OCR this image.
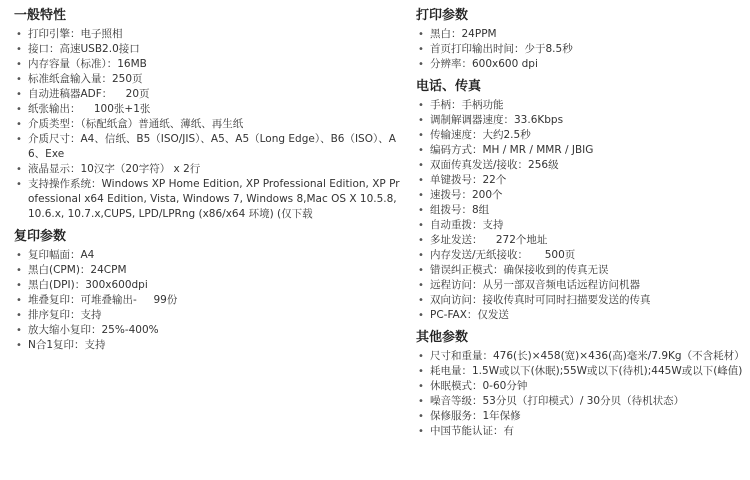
一般特性
• 打印引擎：电子照相
• 接口：高速USB2.0接口
• 内存容量（标准）：16MB
• 标准纸盒输入量：250页
• 自动进稿器ADF：    20页
• 纸张输出：    100张+1张
• 介质类型：（标配纸盒）普通纸、薄纸、再生纸
• 介质尺寸：A4、信纸、B5（ISO/JIS）、A5、A5（Long Edge）、B6（ISO）、A6、Exe
• 液晶显示：10汉字（20字符） x 2行
• 支持操作系统：Windows XP Home Edition, XP Professional Edition, XP Professional x64 Edition, Vista, Windows 7, Windows 8,Mac OS X 10.5.8, 10.6.x, 10.7.x,CUPS, LPD/LPRng (x86/x64 环境) (仅下载
复印参数
• 复印幅面：A4
• 黑白(CPM)：24CPM
• 黑白(DPI)：300x600dpi
• 堆叠复印：可堆叠输出-     99份
• 排序复印：支持
• 放大缩小复印：25%-400%
• N合1复印：支持
打印参数
• 黑白：24PPM
• 首页打印输出时间：少于8.5秒
• 分辨率：600x600 dpi
电话、传真
• 手柄：手柄功能
• 调制解调器速度：33.6Kbps
• 传输速度：大约2.5秒
• 编码方式：MH / MR / MMR / JBIG
• 双面传真发送/接收：256级
• 单键拨号：22个
• 速拨号：200个
• 组拨号：8组
• 自动重拨：支持
• 多址发送：    272个地址
• 内存发送/无纸接收：     500页
• 错误纠正模式：确保接收到的传真无误
• 远程访问：从另一部双音频电话远程访问机器
• 双向访问：接收传真时可同时扫描要发送的传真
• PC-FAX：仅发送
其他参数
• 尺寸和重量：476(长)×458(宽)×436(高)毫米/7.9Kg（不含耗材）
• 耗电量：1.5W或以下(休眠);55W或以下(待机);445W或以下(峰值)
• 休眠模式：0-60分钟
• 噪音等级：53分贝（打印模式）/ 30分贝（待机状态）
• 保修服务：1年保修
• 中国节能认证：有
